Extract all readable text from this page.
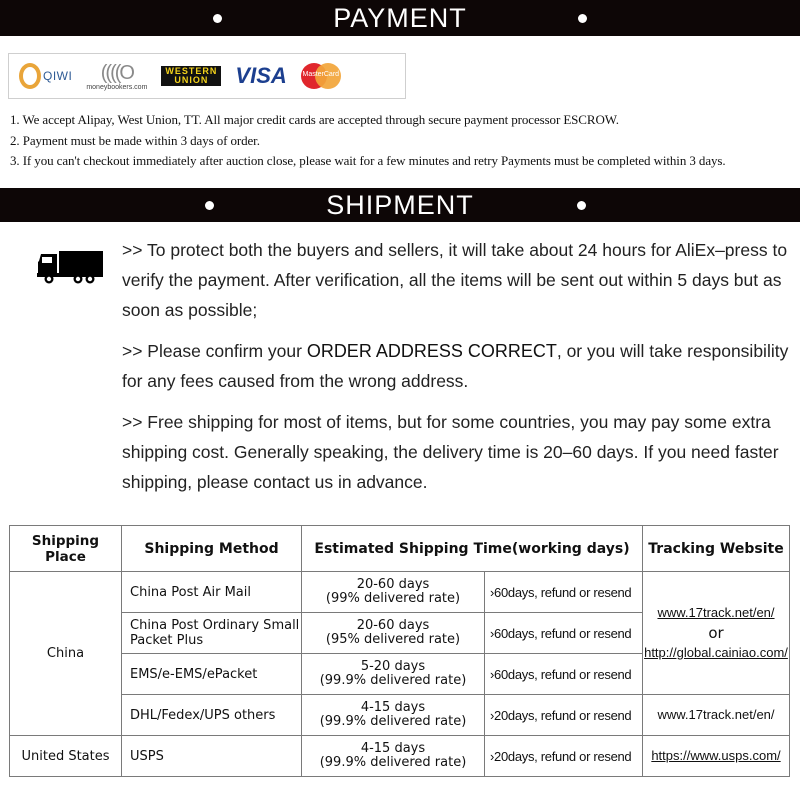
PAYMENT
QIWI ((((O
moneybookers.com
WESTERN
UNION	VISA MasterCard
1. We accept Alipay, West Union, TT. All major credit cards are accepted through secure payment processor ESCROW.
2. Payment must be made within 3 days of order.
3. If you can't checkout immediately after auction close, please wait for a few minutes and retry Payments must be completed within 3 days.
SHIPMENT

>> To protect both the buyers and sellers, it will take about 24 hours for AliEx–press to verify the payment. After verification, all the items will be sent out within 5 days but as soon as possible;

>> Please confirm your ORDER ADDRESS CORRECT, or you will take responsibility for any fees caused from the wrong address.

>> Free shipping for most of items, but for some countries, you may pay some extra shipping cost. Generally speaking, the delivery time is 20–60 days. If you need faster shipping, please contact us in advance.

Shipping Place	Shipping Method	Estimated Shipping Time(working days)		Tracking Website
China	China Post Air Mail	20-60 days
(99% delivered rate)	›60days, refund or resend	
www.17track.net/en/
or
http://global.cainiao.com/

	China Post Ordinary Small Packet Plus	20-60 days
(95% delivered rate)	›60days, refund or resend	
	EMS/e-EMS/ePacket	5-20 days
(99.9% delivered rate)	›60days, refund or resend	
	DHL/Fedex/UPS others	4-15 days
(99.9% delivered rate)	›20days, refund or resend	www.17track.net/en/
United States	USPS	4-15 days
(99.9% delivered rate)	›20days, refund or resend	https://www.usps.com/
